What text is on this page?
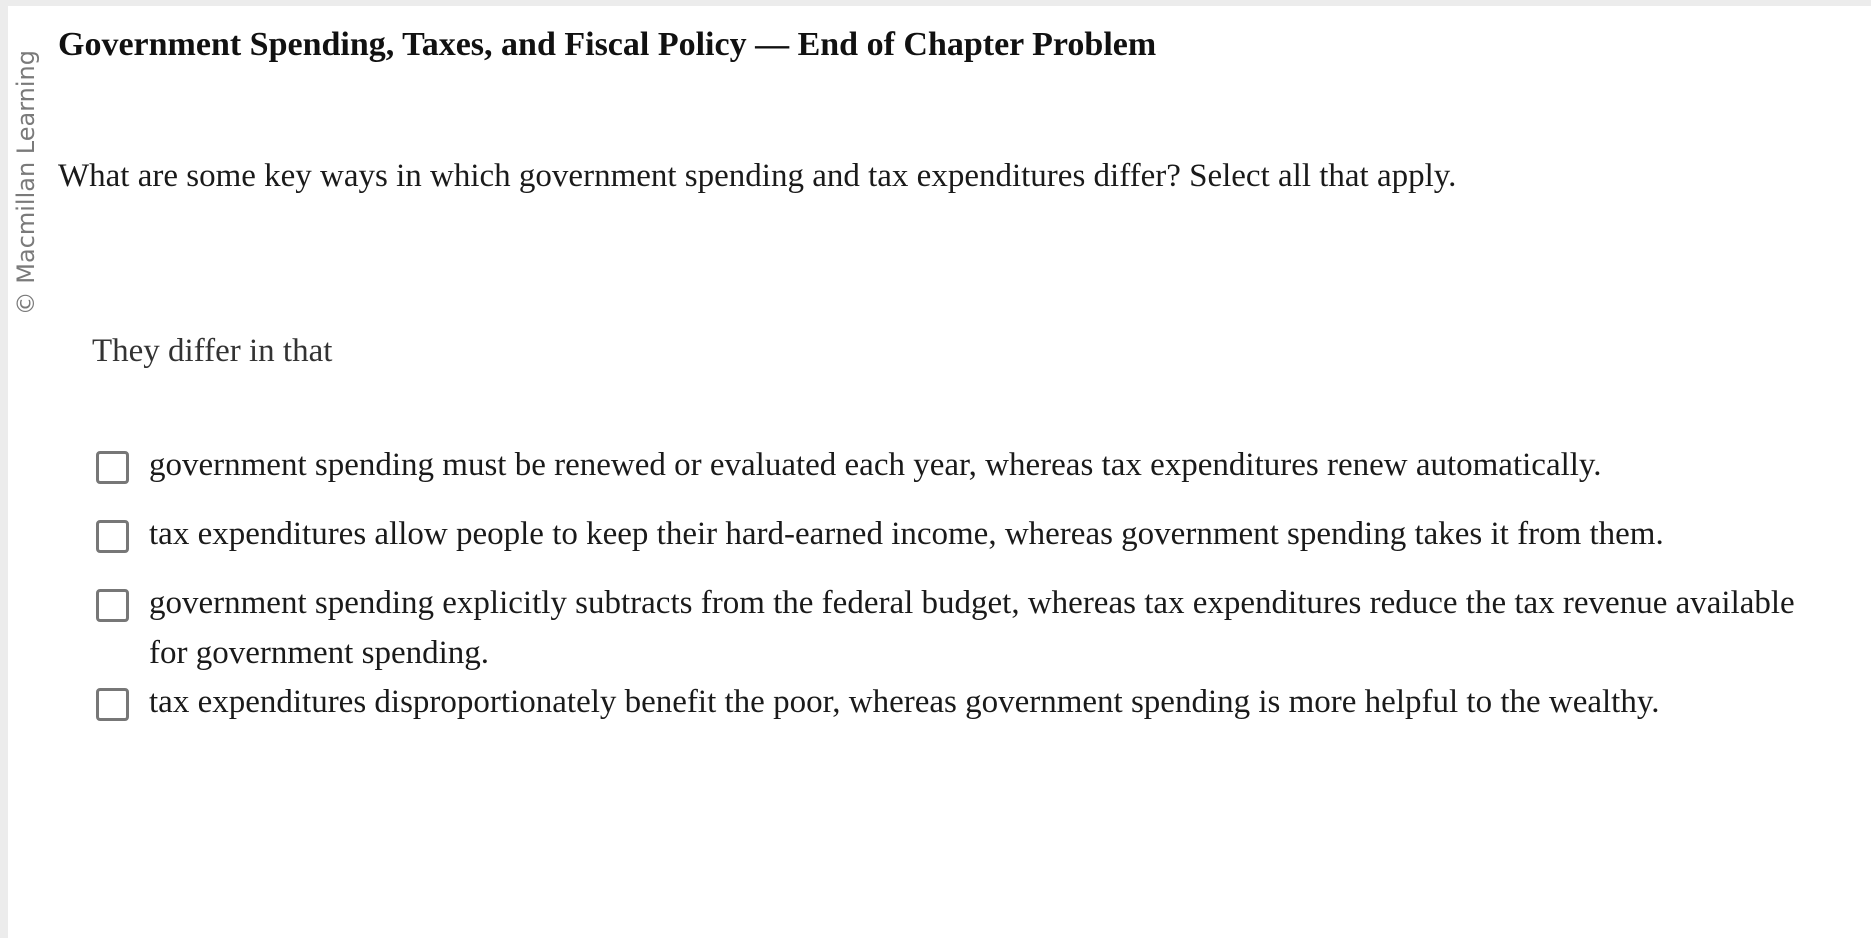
© Macmillan Learning
Government Spending, Taxes, and Fiscal Policy — End of Chapter Problem

What are some key ways in which government spending and tax expenditures differ? Select all that apply.

They differ in that

government spending must be renewed or evaluated each year, whereas tax expenditures renew automatically.
tax expenditures allow people to keep their hard-earned income, whereas government spending takes it from them.
government spending explicitly subtracts from the federal budget, whereas tax expenditures reduce the tax revenue available for government spending.
tax expenditures disproportionately benefit the poor, whereas government spending is more helpful to the wealthy.
